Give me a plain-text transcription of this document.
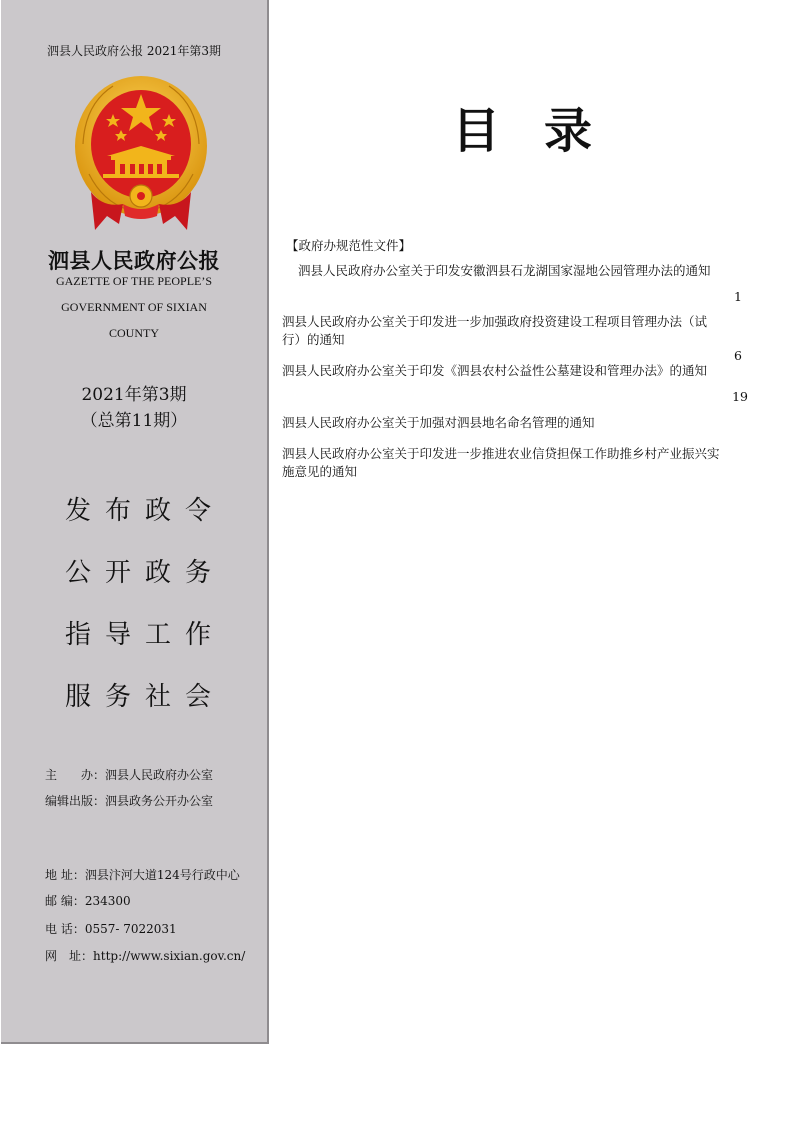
泗县人民政府公报 2021年第3期
泗县人民政府公报
GAZETTE OF THE PEOPLE’S
GOVERNMENT OF SIXIAN
COUNTY
2021年第3期
（总第11期）
发布政令
公开政务
指导工作
服务社会
主　　办：泗县人民政府办公室
编辑出版：泗县政务公开办公室
地 址：泗县汴河大道124号行政中心
邮 编：234300
电 话：0557- 7022031
网　址：http://www.sixian.gov.cn/
目录
【政府办规范性文件】
泗县人民政府办公室关于印发安徽泗县石龙湖国家湿地公园管理办法的通知
1
泗县人民政府办公室关于印发进一步加强政府投资建设工程项目管理办法（试
行）的通知
6
泗县人民政府办公室关于印发《泗县农村公益性公墓建设和管理办法》的通知
19
泗县人民政府办公室关于加强对泗县地名命名管理的通知
泗县人民政府办公室关于印发进一步推进农业信贷担保工作助推乡村产业振兴实
施意见的通知
